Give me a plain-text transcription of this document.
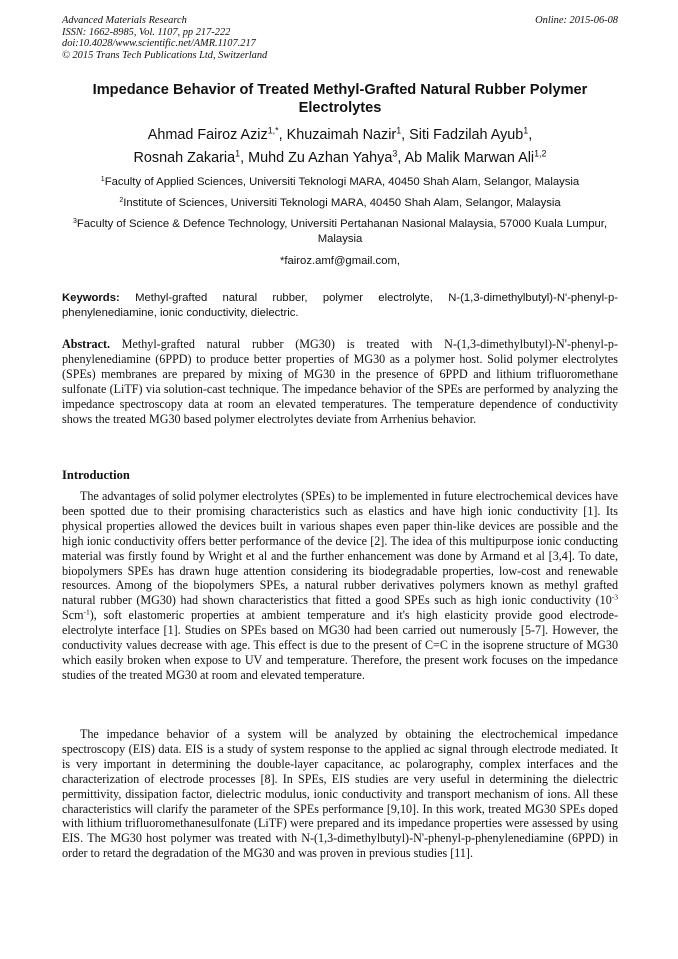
Advanced Materials Research
ISSN: 1662-8985, Vol. 1107, pp 217-222
doi:10.4028/www.scientific.net/AMR.1107.217
© 2015 Trans Tech Publications Ltd, Switzerland
Online: 2015-06-08
Impedance Behavior of Treated Methyl-Grafted Natural Rubber Polymer Electrolytes
Ahmad Fairoz Aziz$^{1,*}$, Khuzaimah Nazir$^1$, Siti Fadzilah Ayub$^1$,
Rosnah Zakaria$^1$, Muhd Zu Azhan Yahya$^3$, Ab Malik Marwan Ali$^{1,2}$
$^1$Faculty of Applied Sciences, Universiti Teknologi MARA, 40450 Shah Alam, Selangor, Malaysia
$^2$Institute of Sciences, Universiti Teknologi MARA, 40450 Shah Alam, Selangor, Malaysia
$^3$Faculty of Science & Defence Technology, Universiti Pertahanan Nasional Malaysia, 57000 Kuala Lumpur, Malaysia
*fairoz.amf@gmail.com,
Keywords: Methyl-grafted natural rubber, polymer electrolyte, N-(1,3-dimethylbutyl)-N'-phenyl-p-phenylenediamine, ionic conductivity, dielectric.
Abstract. Methyl-grafted natural rubber (MG30) is treated with N-(1,3-dimethylbutyl)-N'-phenyl-p-phenylenediamine (6PPD) to produce better properties of MG30 as a polymer host. Solid polymer electrolytes (SPEs) membranes are prepared by mixing of MG30 in the presence of 6PPD and lithium trifluoromethane sulfonate (LiTF) via solution-cast technique. The impedance behavior of the SPEs are performed by analyzing the impedance spectroscopy data at room an elevated temperatures. The temperature dependence of conductivity shows the treated MG30 based polymer electrolytes deviate from Arrhenius behavior.
Introduction

The advantages of solid polymer electrolytes (SPEs) to be implemented in future electrochemical devices have been spotted due to their promising characteristics such as elastics and have high ionic conductivity [1]. Its physical properties allowed the devices built in various shapes even paper thin-like devices are possible and the high ionic conductivity offers better performance of the device [2]. The idea of this multipurpose ionic conducting material was firstly found by Wright et al and the further enhancement was done by Armand et al [3,4]. To date, biopolymers SPEs has drawn huge attention considering its biodegradable properties, low-cost and renewable resources. Among of the biopolymers SPEs, a natural rubber derivatives polymers known as methyl grafted natural rubber (MG30) had shown characteristics that fitted a good SPEs such as high ionic conductivity ($10^{-3}$ Scm$^{-1}$), soft elastomeric properties at ambient temperature and it's high elasticity provide good electrode-electrolyte interface [1]. Studies on SPEs based on MG30 had been carried out numerously [5-7]. However, the conductivity values decrease with age. This effect is due to the present of C=C in the isoprene structure of MG30 which easily broken when expose to UV and temperature. Therefore, the present work focuses on the impedance studies of the treated MG30 at room and elevated temperature.

The impedance behavior of a system will be analyzed by obtaining the electrochemical impedance spectroscopy (EIS) data. EIS is a study of system response to the applied ac signal through electrode mediated. It is very important in determining the double-layer capacitance, ac polarography, complex interfaces and the characterization of electrode processes [8]. In SPEs, EIS studies are very useful in determining the dielectric permittivity, dissipation factor, dielectric modulus, ionic conductivity and transport mechanism of ions. All these characteristics will clarify the parameter of the SPEs performance [9,10]. In this work, treated MG30 SPEs doped with lithium trifluoromethanesulfonate (LiTF) were prepared and its impedance properties were assessed by using EIS. The MG30 host polymer was treated with N-(1,3-dimethylbutyl)-N'-phenyl-p-phenylenediamine (6PPD) in order to retard the degradation of the MG30 and was proven in previous studies [11].
